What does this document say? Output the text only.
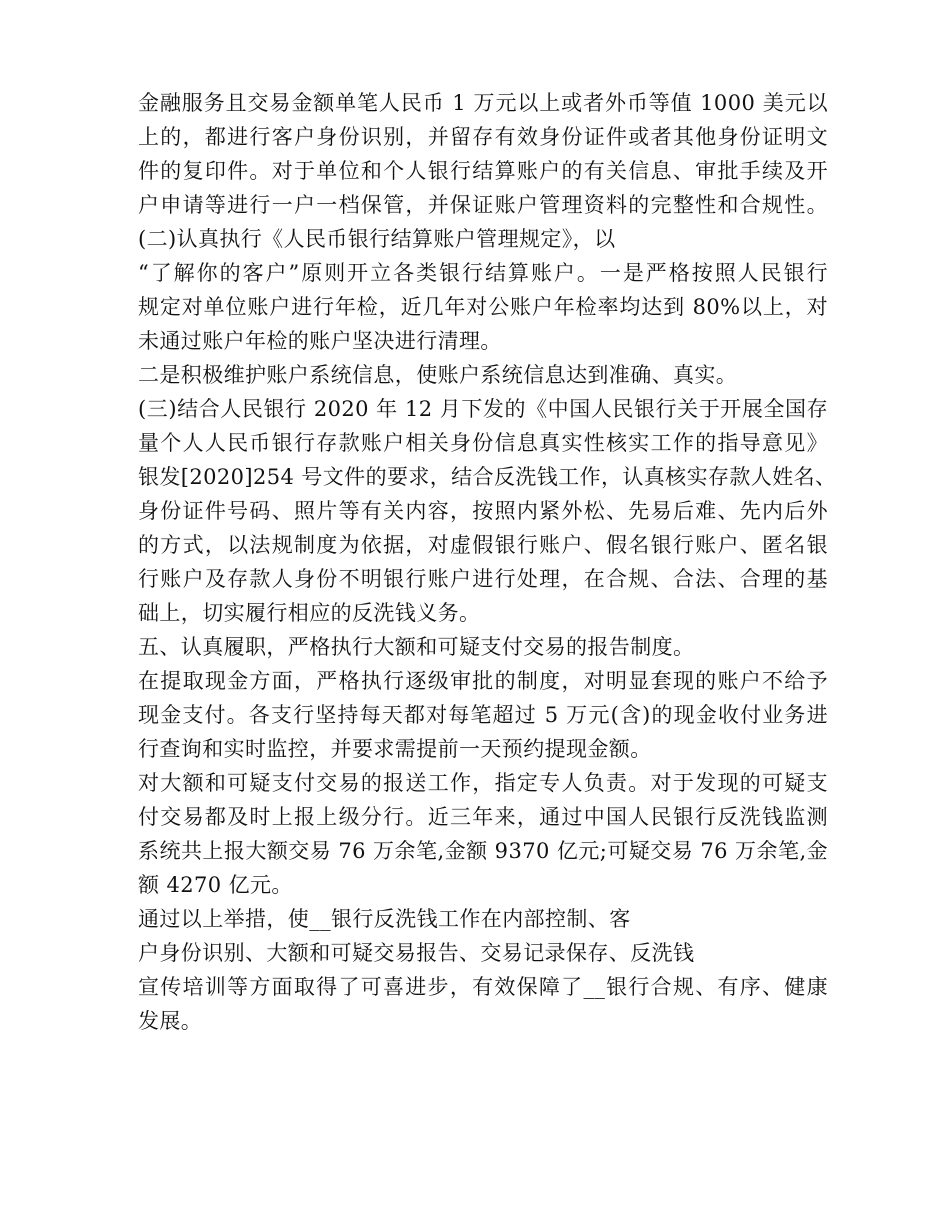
金融服务且交易金额单笔人民币 1 万元以上或者外币等值 1000 美元以
上的，都进行客户身份识别，并留存有效身份证件或者其他身份证明文
件的复印件。对于单位和个人银行结算账户的有关信息、审批手续及开
户申请等进行一户一档保管，并保证账户管理资料的完整性和合规性。
(二)认真执行《人民币银行结算账户管理规定》，以
“了解你的客户”原则开立各类银行结算账户。一是严格按照人民银行
规定对单位账户进行年检，近几年对公账户年检率均达到 80%以上，对
未通过账户年检的账户坚决进行清理。
二是积极维护账户系统信息，使账户系统信息达到准确、真实。
(三)结合人民银行 2020 年 12 月下发的《中国人民银行关于开展全国存
量个人人民币银行存款账户相关身份信息真实性核实工作的指导意见》
银发[2020]254 号文件的要求，结合反洗钱工作，认真核实存款人姓名、
身份证件号码、照片等有关内容，按照内紧外松、先易后难、先内后外
的方式，以法规制度为依据，对虚假银行账户、假名银行账户、匿名银
行账户及存款人身份不明银行账户进行处理，在合规、合法、合理的基
础上，切实履行相应的反洗钱义务。
五、认真履职，严格执行大额和可疑支付交易的报告制度。
在提取现金方面，严格执行逐级审批的制度，对明显套现的账户不给予
现金支付。各支行坚持每天都对每笔超过 5 万元(含)的现金收付业务进
行查询和实时监控，并要求需提前一天预约提现金额。
对大额和可疑支付交易的报送工作，指定专人负责。对于发现的可疑支
付交易都及时上报上级分行。近三年来，通过中国人民银行反洗钱监测
系统共上报大额交易 76 万余笔,金额 9370 亿元;可疑交易 76 万余笔,金
额 4270 亿元。
通过以上举措，使__银行反洗钱工作在内部控制、客
户身份识别、大额和可疑交易报告、交易记录保存、反洗钱
宣传培训等方面取得了可喜进步，有效保障了__银行合规、有序、健康
发展。
